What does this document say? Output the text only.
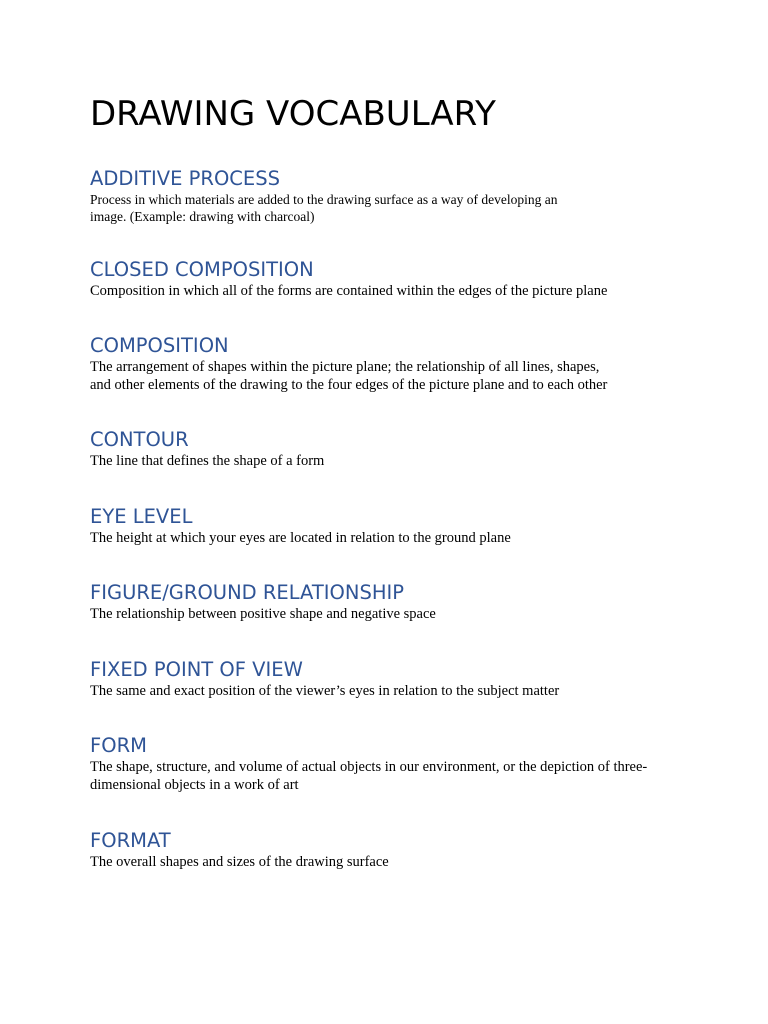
DRAWING VOCABULARY
ADDITIVE PROCESS

Process in which materials are added to the drawing surface as a way of developing an
image. (Example: drawing with charcoal)

CLOSED COMPOSITION

Composition in which all of the forms are contained within the edges of the picture plane

COMPOSITION

The arrangement of shapes within the picture plane; the relationship of all lines, shapes,
and other elements of the drawing to the four edges of the picture plane and to each other

CONTOUR

The line that defines the shape of a form

EYE LEVEL

The height at which your eyes are located in relation to the ground plane

FIGURE/GROUND RELATIONSHIP

The relationship between positive shape and negative space

FIXED POINT OF VIEW

The same and exact position of the viewer’s eyes in relation to the subject matter

FORM

The shape, structure, and volume of actual objects in our environment, or the depiction of three-
dimensional objects in a work of art

FORMAT

The overall shapes and sizes of the drawing surface
